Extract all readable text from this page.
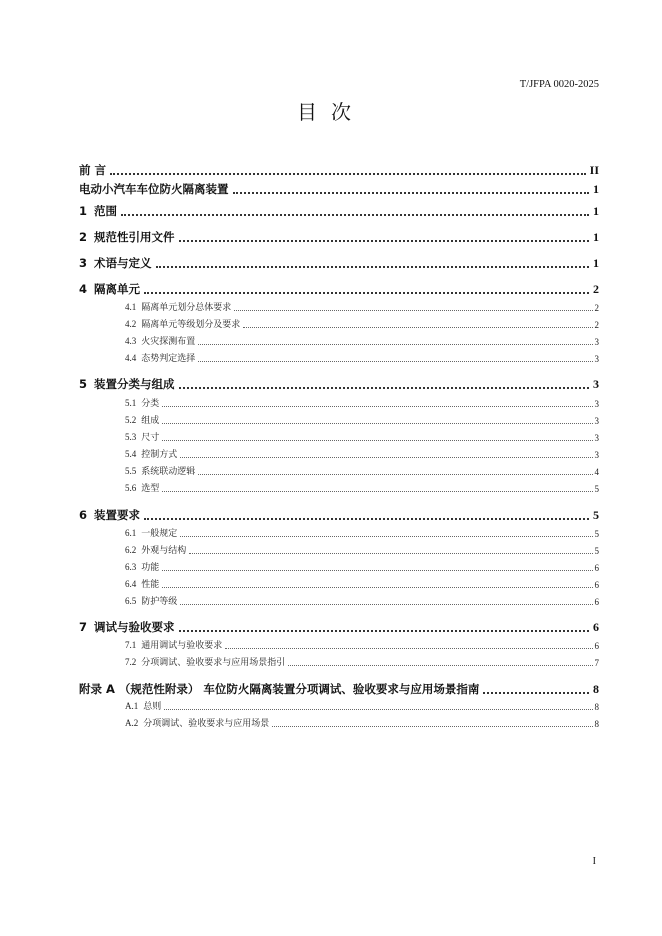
T/JFPA 0020-2025
目次
前 言	II
电动小汽车车位防火隔离装置	1
1 范围	1
2 规范性引用文件	1
3 术语与定义	1
4 隔离单元	2
4.1 隔离单元划分总体要求	2
4.2 隔离单元等级划分及要求	2
4.3 火灾探测布置	3
4.4 态势判定选择	3
5 装置分类与组成	3
5.1 分类	3
5.2 组成	3
5.3 尺寸	3
5.4 控制方式	3
5.5 系统联动逻辑	4
5.6 选型	5
6 装置要求	5
6.1 一般规定	5
6.2 外观与结构	5
6.3 功能	6
6.4 性能	6
6.5 防护等级	6
7 调试与验收要求	6
7.1 通用调试与验收要求	6
7.2 分项调试、验收要求与应用场景指引	7
附录 A （规范性附录） 车位防火隔离装置分项调试、验收要求与应用场景指南	8
A.1 总则	8
A.2 分项调试、验收要求与应用场景	8
I
